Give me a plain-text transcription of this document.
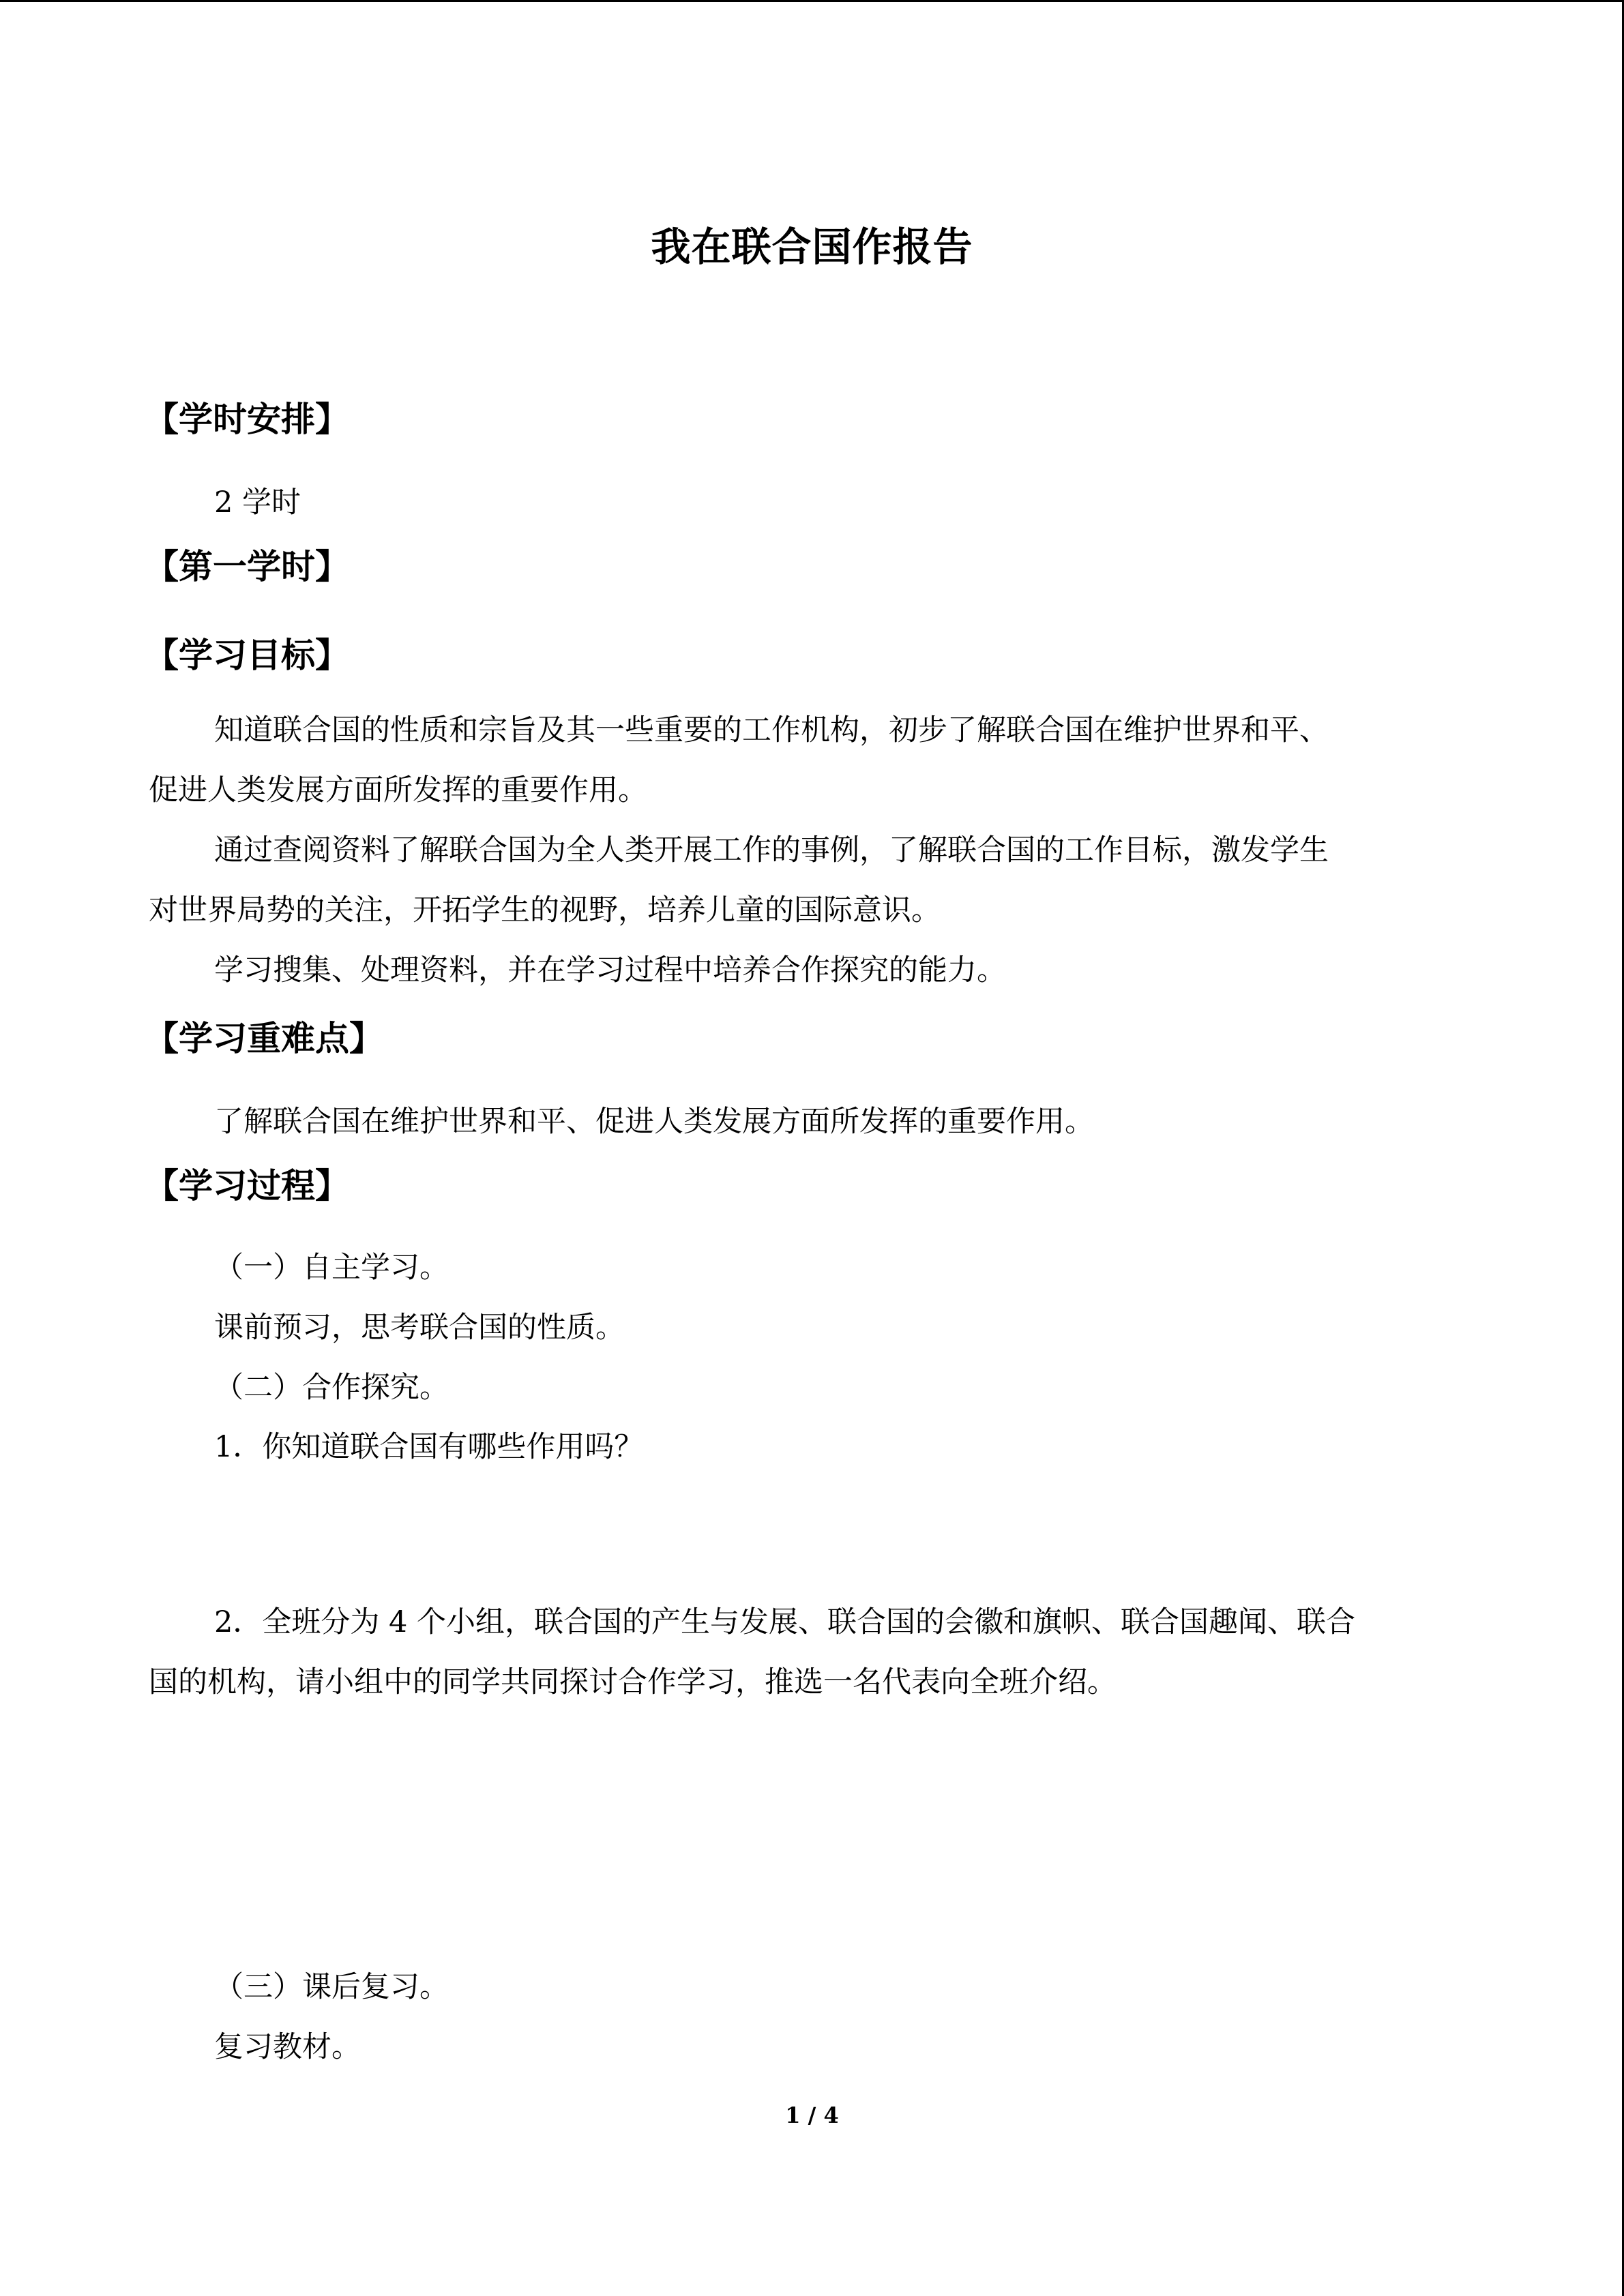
我在联合国作报告
【学时安排】
2 学时
【第一学时】
【学习目标】
知道联合国的性质和宗旨及其一些重要的工作机构，初步了解联合国在维护世界和平、
促进人类发展方面所发挥的重要作用。
通过查阅资料了解联合国为全人类开展工作的事例，了解联合国的工作目标，激发学生
对世界局势的关注，开拓学生的视野，培养儿童的国际意识。
学习搜集、处理资料，并在学习过程中培养合作探究的能力。
【学习重难点】
了解联合国在维护世界和平、促进人类发展方面所发挥的重要作用。
【学习过程】
（一）自主学习。
课前预习，思考联合国的性质。
（二）合作探究。
1．你知道联合国有哪些作用吗？
2．全班分为 4 个小组，联合国的产生与发展、联合国的会徽和旗帜、联合国趣闻、联合
国的机构，请小组中的同学共同探讨合作学习，推选一名代表向全班介绍。
（三）课后复习。
复习教材。
1 / 4
